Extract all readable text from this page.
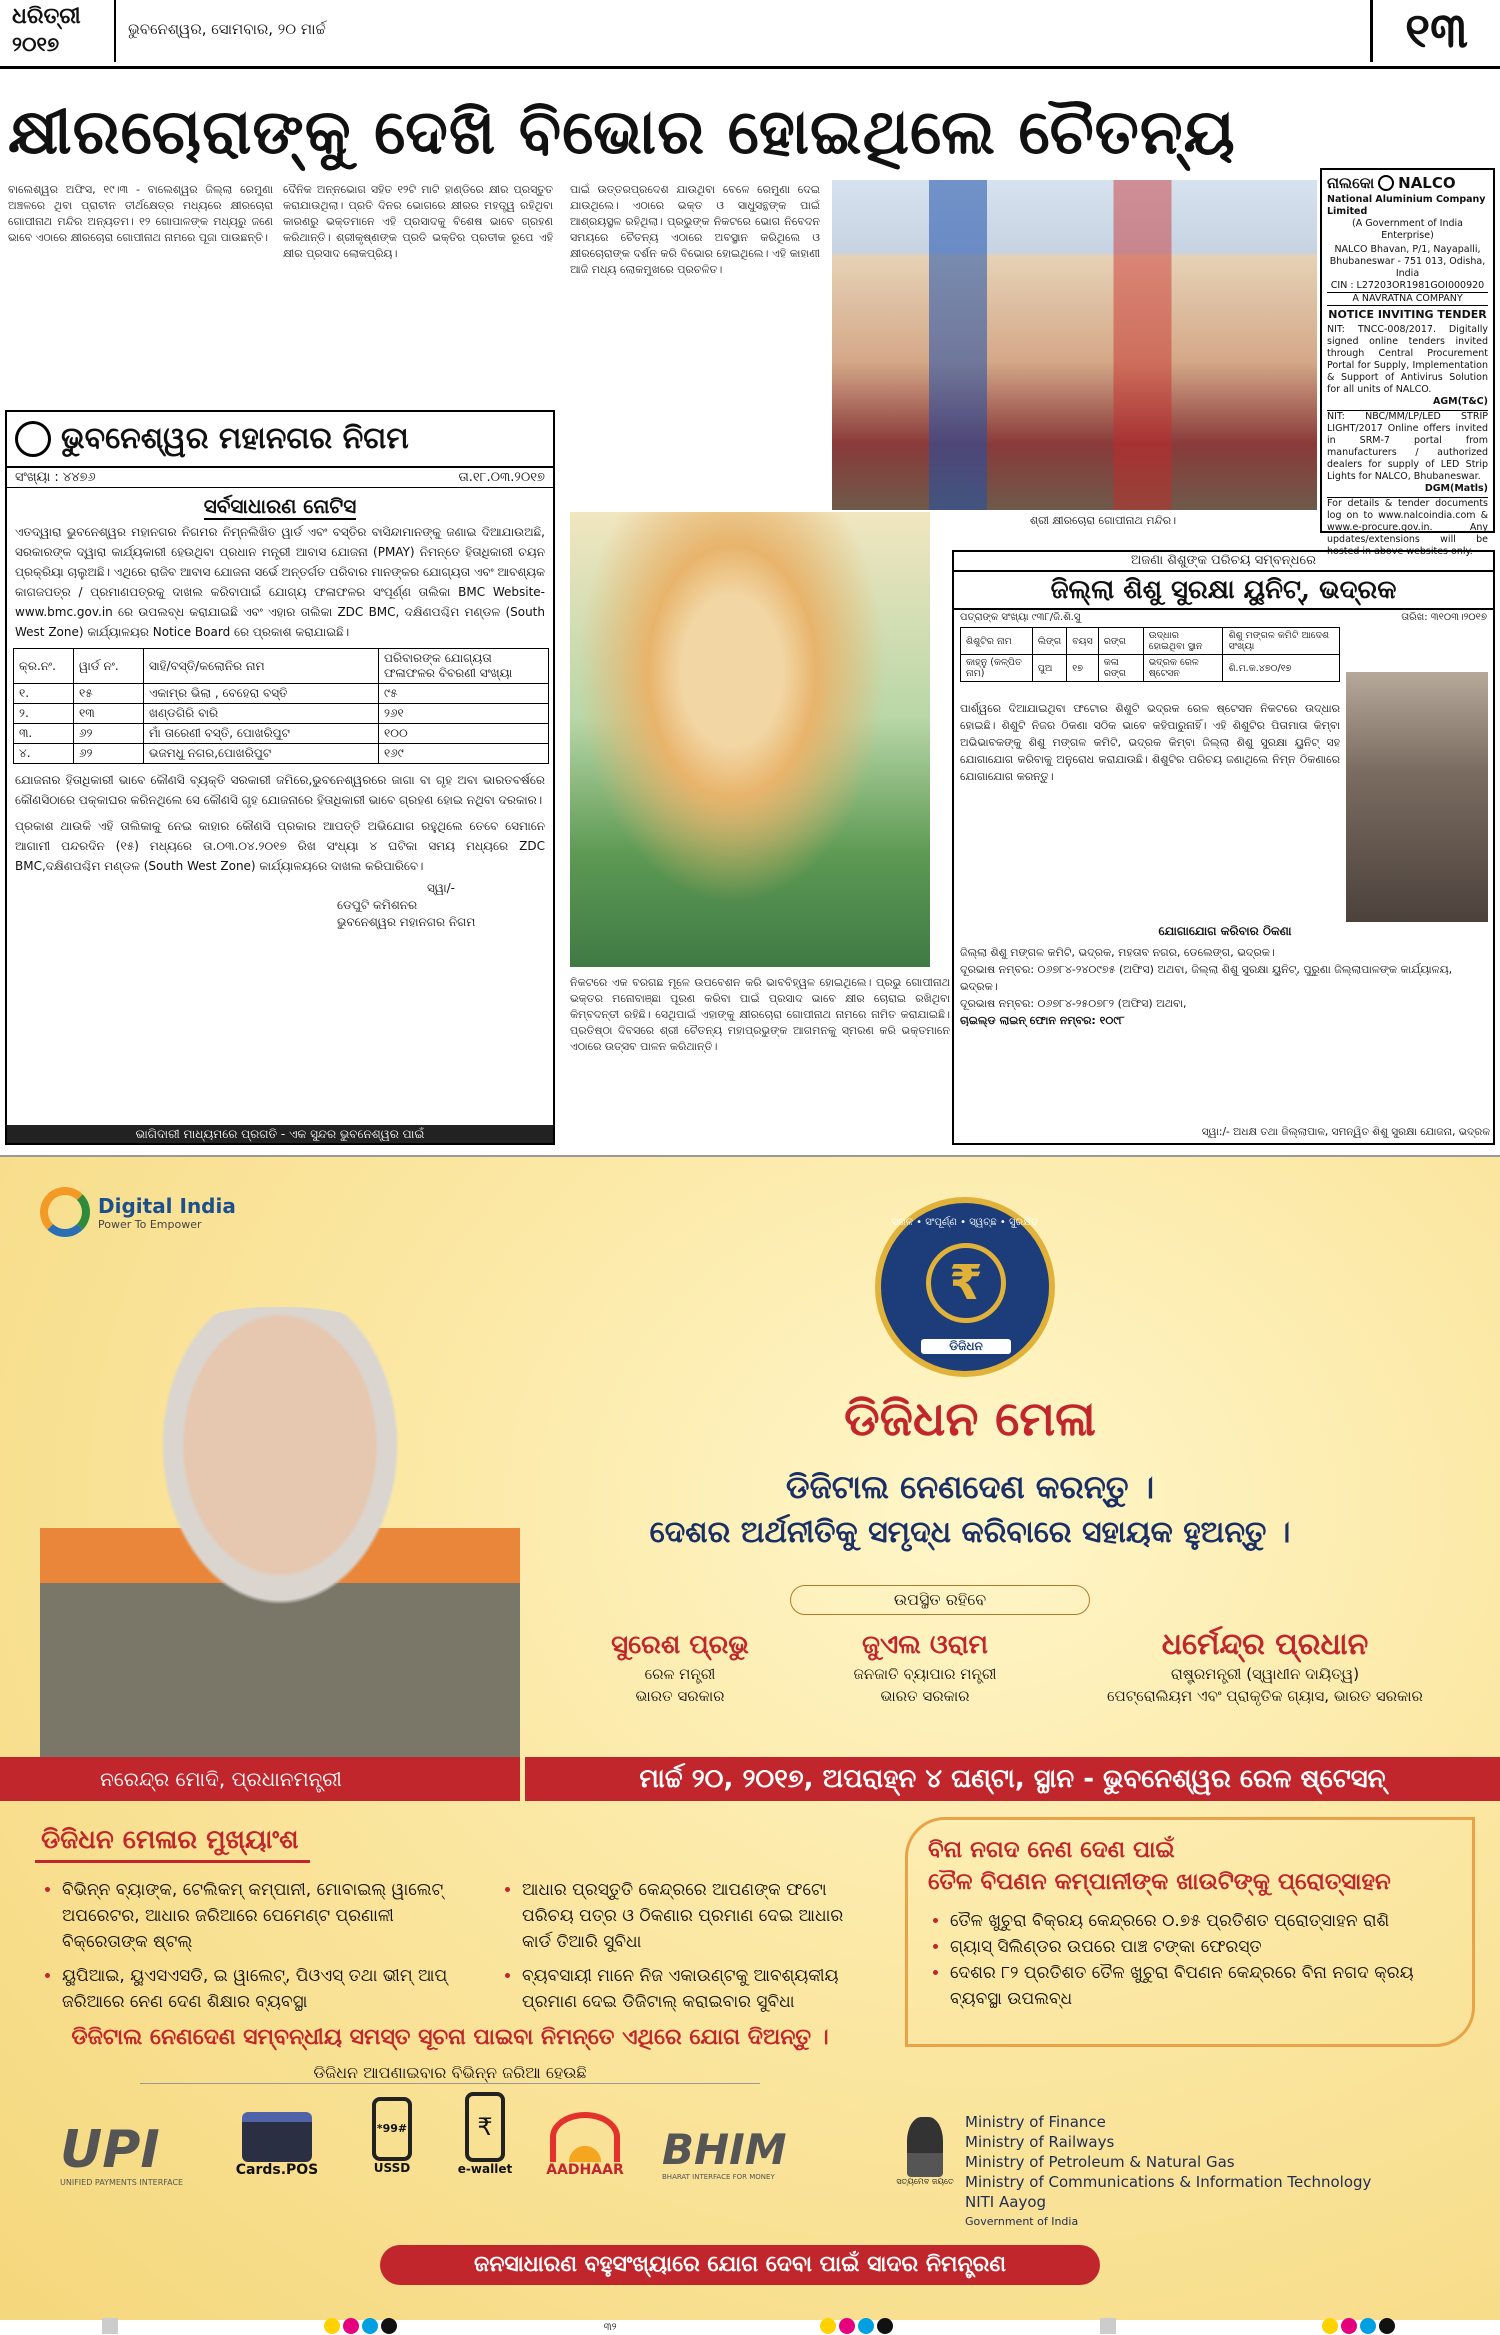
ଧରିତ୍ରୀ
୨୦୧୭
ଭୁବନେଶ୍ୱର, ସୋମବାର, ୨୦ ମାର୍ଚ୍ଚ	୧୩
କ୍ଷୀରଚୋରାଙ୍କୁ ଦେଖି ବିଭୋର ହୋଇଥିଲେ ଚୈତନ୍ୟ
ବାଲେଶ୍ୱର ଅଫିସ, ୧୯।୩ - ବାଲେଶ୍ୱର ଜିଲ୍ଲା ରେମୁଣା ଅଞ୍ଚଳରେ ଥିବା ପ୍ରାଚୀନ ତୀର୍ଥକ୍ଷେତ୍ର ମଧ୍ୟରେ କ୍ଷୀରଚୋରା ଗୋପୀନାଥ ମନ୍ଦିର ଅନ୍ୟତମ। ୧୨ ଗୋପାଳଙ୍କ ମଧ୍ୟରୁ ଜଣେ ଭାବେ ଏଠାରେ କ୍ଷୀରଚୋରା ଗୋପୀନାଥ ନାମରେ ପୂଜା ପାଉଛନ୍ତି।
ଦୈନିକ ଅନ୍ନଭୋଗ ସହିତ ୧୨ଟି ମାଟି ହାଣ୍ଡିରେ କ୍ଷୀର ପ୍ରସ୍ତୁତ କରାଯାଉଥିଲା। ପ୍ରତି ଦିନର ଭୋଗରେ କ୍ଷୀରର ମହତ୍ତ୍ୱ ରହିଥିବା କାରଣରୁ ଭକ୍ତମାନେ ଏହି ପ୍ରସାଦକୁ ବିଶେଷ ଭାବେ ଗ୍ରହଣ କରିଥାନ୍ତି। ଶ୍ରୀକୃଷ୍ଣଙ୍କ ପ୍ରତି ଭକ୍ତିର ପ୍ରତୀକ ରୂପେ ଏହି କ୍ଷୀର ପ୍ରସାଦ ଲୋକପ୍ରିୟ।
ପାଇଁ ଉତ୍ତରପ୍ରଦେଶ ଯାଉଥିବା ବେଳେ ରେମୁଣା ଦେଇ ଯାଉଥିଲେ। ଏଠାରେ ଭକ୍ତ ଓ ସାଧୁସନ୍ଥଙ୍କ ପାଇଁ ଆଶ୍ରୟସ୍ଥଳ ରହିଥିଲା। ପ୍ରଭୁଙ୍କ ନିକଟରେ ଭୋଗ ନିବେଦନ ସମୟରେ ଚୈତନ୍ୟ ଏଠାରେ ଅବସ୍ଥାନ କରିଥିଲେ ଓ କ୍ଷୀରଚୋରାଙ୍କ ଦର୍ଶନ କରି ବିଭୋର ହୋଇଥିଲେ। ଏହି କାହାଣୀ ଆଜି ମଧ୍ୟ ଲୋକମୁଖରେ ପ୍ରଚଳିତ।
ନିକଟରେ ଏକ ବରଗଛ ମୂଳେ ଉପବେଶନ କରି ଭାବବିହ୍ୱଳ ହୋଇଥିଲେ। ପ୍ରଭୁ ଗୋପୀନାଥ ଭକ୍ତର ମନୋବାଞ୍ଛା ପୂରଣ କରିବା ପାଇଁ ପ୍ରସାଦ ଭାବେ କ୍ଷୀର ଚୋରାଇ ରଖିଥିବା କିମ୍ବଦନ୍ତୀ ରହିଛି। ସେଥିପାଇଁ ଏହାଙ୍କୁ କ୍ଷୀରଚୋରା ଗୋପୀନାଥ ନାମରେ ନାମିତ କରାଯାଇଛି। ପ୍ରତିଷ୍ଠା ଦିବସରେ ଶ୍ରୀ ଚୈତନ୍ୟ ମହାପ୍ରଭୁଙ୍କ ଆଗମନକୁ ସ୍ମରଣ କରି ଭକ୍ତମାନେ ଏଠାରେ ଉତ୍ସବ ପାଳନ କରିଥାନ୍ତି।
ଶ୍ରୀ କ୍ଷୀରଚୋରା ଗୋପୀନାଥ ମନ୍ଦିର।
ନାଲକୋ NALCO
National Aluminium Company Limited
(A Government of India Enterprise)
NALCO Bhavan, P/1, Nayapalli,
Bhubaneswar - 751 013, Odisha, India
CIN : L27203OR1981GOI000920
A NAVRATNA COMPANY
NOTICE INVITING TENDER
NIT: TNCC-008/2017. Digitally signed online tenders invited through Central Procurement Portal for Supply, Implementation & Support of Antivirus Solution for all units of NALCO.
AGM(T&C)
NIT: NBC/MM/LP/LED STRIP LIGHT/2017 Online offers invited in SRM-7 portal from manufacturers / authorized dealers for supply of LED Strip Lights for NALCO, Bhubaneswar.
DGM(Matls)
For details & tender documents log on to www.nalcoindia.com & www.e-procure.gov.in. Any updates/extensions will be hosted in above websites only.
ଭୁବନେଶ୍ୱର ମହାନଗର ନିଗମ
ସଂଖ୍ୟା : ୪୪୭୬	ତା.୧୮.୦୩.୨୦୧୭
ସର୍ବସାଧାରଣ ନୋଟିସ
ଏତଦ୍ୱାରା ଭୁବନେଶ୍ୱର ମହାନଗର ନିଗମର ନିମ୍ନଲିଖିତ ୱାର୍ଡ ଏବଂ ବସ୍ତିର ବାସିନ୍ଦାମାନଙ୍କୁ ଜଣାଇ ଦିଆଯାଉଅଛି, ସରକାରଙ୍କ ଦ୍ୱାରା କାର୍ଯ୍ୟକାରୀ ହେଉଥିବା ପ୍ରଧାନ ମନ୍ତ୍ରୀ ଆବାସ ଯୋଜନା (PMAY) ନିମନ୍ତେ ହିତାଧିକାରୀ ଚୟନ ପ୍ରକ୍ରିୟା ଚାଲୁଅଛି। ଏଥିରେ ରାଜିବ ଆବାସ ଯୋଜନା ସର୍ଭେ ଅନ୍ତର୍ଗତ ପରିବାର ମାନଙ୍କର ଯୋଗ୍ୟତା ଏବଂ ଆବଶ୍ୟକ କାଗଜପତ୍ର / ପ୍ରମାଣପତ୍ରକୁ ଦାଖଲ କରିବାପାଇଁ ଯୋଗ୍ୟ ଫଳାଫଳର ସଂପୂର୍ଣ୍ଣ ତାଲିକା BMC Website-www.bmc.gov.in ରେ ଉପଲବ୍ଧ କରାଯାଇଛି ଏବଂ ଏହାର ତାଲିକା ZDC BMC, ଦକ୍ଷିଣପଶ୍ଚିମ ମଣ୍ଡଳ (South West Zone) କାର୍ଯ୍ୟାଳୟର Notice Board ରେ ପ୍ରକାଶ କରାଯାଇଛି।
କ୍ର.ନଂ.	ୱାର୍ଡ ନଂ.	ସାହି/ବସ୍ତି/କଲୋନିର ନାମ	ପରିବାରଙ୍କ ଯୋଗ୍ୟତା ଫଳାଫଳର ବିବରଣୀ ସଂଖ୍ୟା
୧.	୧୫	ଏକାମ୍ର ଭିଲା , ବେହେରା ବସ୍ତି	୯୫
୨.	୧୩	ଖଣ୍ଡଗିରି ବାରି	୨୬୧
୩.	୬୨	ମାଁ ତାରେଣୀ ବସ୍ତି, ପୋଖରିପୁଟ	୧୦୦
୪.	୬୨	ଭଜମଧୁ ନଗର,ପୋଖରିପୁଟ	୧୬୯
ଯୋଜନାର ହିତାଧିକାରୀ ଭାବେ କୌଣସି ବ୍ୟକ୍ତି ସରକାରୀ ଜମିରେ,ଭୁବନେଶ୍ୱରରେ ଜାଗା ବା ଗୃହ ଅବା ଭାରତବର୍ଷରେ କୌଣସିଠାରେ ପକ୍କାଘର କରିନଥିଲେ ସେ କୌଣସି ଗୃହ ଯୋଜନାରେ ହିତାଧିକାରୀ ଭାବେ ଗ୍ରହଣ ହୋଇ ନଥିବା ଦରକାର।
ପ୍ରକାଶ ଥାଉକି ଏହି ତାଲିକାକୁ ନେଇ କାହାର କୌଣସି ପ୍ରକାର ଆପତ୍ତି ଅଭିଯୋଗ ରହୁଥିଲେ ତେବେ ସେମାନେ ଆଗାମୀ ପନ୍ଦରଦିନ (୧୫) ମଧ୍ୟରେ ତା.୦୩.୦୪.୨୦୧୭ ରିଖ ସଂଧ୍ୟା ୪ ଘଟିକା ସମୟ ମଧ୍ୟରେ ZDC BMC,ଦକ୍ଷିଣପଶ୍ଚିମ ମଣ୍ଡଳ (South West Zone) କାର୍ଯ୍ୟାଳୟରେ ଦାଖଲ କରିପାରିବେ।
ସ୍ୱା/-
ଡେପୁଟି କମିଶନର
ଭୁବନେଶ୍ୱର ମହାନଗର ନିଗମ
ଭାଗିଦାରୀ ମାଧ୍ୟମରେ ପ୍ରଗତି - ଏକ ସୁନ୍ଦର ଭୁବନେଶ୍ୱର ପାଇଁ
ଅଜଣା ଶିଶୁଙ୍କ ପରିଚୟ ସମ୍ବନ୍ଧରେ
ଜିଲ୍ଲା ଶିଶୁ ସୁରକ୍ଷା ୟୁନିଟ୍, ଭଦ୍ରକ
ପତ୍ରାଙ୍କ ସଂଖ୍ୟା ୯୩୮/ଜି.ଶି.ସୁ	ତାରିଖ: ୩୧୦୩।୨୦୧୭
ଶିଶୁଟିର ନାମ	ଲିଙ୍ଗ	ବୟସ	ରଙ୍ଗ	ଉଦ୍ଧାର ହୋଇଥିବା ସ୍ଥାନ	ଶିଶୁ ମଙ୍ଗଳ କମିଟି ଆଦେଶ ସଂଖ୍ୟା
କାହ୍ନୁ (କଳ୍ପିତ ନାମ)	ପୁଅ	୧୭	କଳା ରଙ୍ଗ	ଭଦ୍ରକ ରେଳ ଷ୍ଟେସନ	ଶି.ମ.କ.୪୭୦/୧୭
ପାର୍ଶ୍ୱରେ ଦିଆଯାଇଥିବା ଫଟୋର ଶିଶୁଟି ଭଦ୍ରକ ରେଳ ଷ୍ଟେସନ ନିକଟରେ ଉଦ୍ଧାର ହୋଇଛି। ଶିଶୁଟି ନିଜର ଠିକଣା ସଠିକ ଭାବେ କହିପାରୁନାହିଁ। ଏହି ଶିଶୁଟିର ପିତାମାତା କିମ୍ବା ଅଭିଭାବକଙ୍କୁ ଶିଶୁ ମଙ୍ଗଳ କମିଟି, ଭଦ୍ରକ କିମ୍ବା ଜିଲ୍ଲା ଶିଶୁ ସୁରକ୍ଷା ୟୁନିଟ୍ ସହ ଯୋଗାଯୋଗ କରିବାକୁ ଅନୁରୋଧ କରାଯାଉଛି। ଶିଶୁଟିର ପରିଚୟ ଜଣାଥିଲେ ନିମ୍ନ ଠିକଣାରେ ଯୋଗାଯୋଗ କରନ୍ତୁ।
ଯୋଗାଯୋଗ କରିବାର ଠିକଣା
ଜିଲ୍ଲା ଶିଶୁ ମଙ୍ଗଳ କମିଟି, ଭଦ୍ରକ, ମହତାବ ନଗର, ଡେଲେଙ୍ଗ, ଭଦ୍ରକ।
ଦୂରଭାଷ ନମ୍ବର: ୦୬୭୮୪-୨୪୦୯୭୫ (ଅଫିସ) ଅଥବା, ଜିଲ୍ଲା ଶିଶୁ ସୁରକ୍ଷା ୟୁନିଟ୍, ପୁରୁଣା ଜିଲ୍ଲାପାଳଙ୍କ କାର୍ଯ୍ୟାଳୟ, ଭଦ୍ରକ।
ଦୂରଭାଷ ନମ୍ବର: ୦୬୭୮୪-୨୫୦୭୮୨ (ଅଫିସ) ଅଥବା,
ଚାଇଲ୍ଡ ଲାଇନ୍ ଫୋନ ନମ୍ବର: ୧୦୯୮
ସ୍ୱା:/- ଅଧକ୍ଷ ତଥା ଜିଲ୍ଲାପାଳ, ସମନ୍ୱିତ ଶିଶୁ ସୁରକ୍ଷା ଯୋଜନା, ଭଦ୍ରକ
Digital India
Power To Empower	ସରଳ • ସଂପୂର୍ଣ୍ଣ • ସ୍ୱଚ୍ଛ • ସୁରକ୍ଷିତ
₹
ଡିଜିଧନ
ଡିଜିଧନ ମେଳା
ଡିଜିଟାଲ ନେଣଦେଣ କରନ୍ତୁ ।
ଦେଶର ଅର୍ଥନୀତିକୁ ସମୃଦ୍ଧ କରିବାରେ ସହାୟକ ହୁଅନ୍ତୁ ।
ଉପସ୍ଥିତ ରହିବେ
ସୁରେଶ ପ୍ରଭୁ
ରେଳ ମନ୍ତ୍ରୀ
ଭାରତ ସରକାର
ଜୁଏଲ ଓରାମ
ଜନଜାତି ବ୍ୟାପାର ମନ୍ତ୍ରୀ
ଭାରତ ସରକାର
ଧର୍ମେନ୍ଦ୍ର ପ୍ରଧାନ
ରାଷ୍ଟ୍ରମନ୍ତ୍ରୀ (ସ୍ୱାଧୀନ ଦାୟିତ୍ୱ)
ପେଟ୍ରୋଲିୟମ ଏବଂ ପ୍ରାକୃତିକ ଗ୍ୟାସ, ଭାରତ ସରକାର
ନରେନ୍ଦ୍ର ମୋଦି, ପ୍ରଧାନମନ୍ତ୍ରୀ	ମାର୍ଚ୍ଚ ୨୦, ୨୦୧୭, ଅପରାହ୍ନ ୪ ଘଣ୍ଟା, ସ୍ଥାନ - ଭୁବନେଶ୍ୱର ରେଳ ଷ୍ଟେସନ୍
ଡିଜିଧନ ମେଳାର ମୁଖ୍ୟାଂଶ
• ବିଭିନ୍ନ ବ୍ୟାଙ୍କ, ଟେଲିକମ୍ କମ୍ପାନୀ, ମୋବାଇଲ୍ ୱାଲେଟ୍ ଅପରେଟର, ଆଧାର ଜରିଆରେ ପେମେଣ୍ଟ ପ୍ରଣାଳୀ ବିକ୍ରେତାଙ୍କ ଷ୍ଟଲ୍
• ୟୁପିଆଇ, ୟୁଏସଏସଡି, ଇ ୱାଲେଟ୍, ପିଓଏସ୍ ତଥା ଭୀମ୍ ଆପ୍ ଜରିଆରେ ନେଣ ଦେଣ ଶିକ୍ଷାର ବ୍ୟବସ୍ଥା
• ଆଧାର ପ୍ରସ୍ତୁତି କେନ୍ଦ୍ରରେ ଆପଣଙ୍କ ଫଟୋ ପରିଚୟ ପତ୍ର ଓ ଠିକଣାର ପ୍ରମାଣ ଦେଇ ଆଧାର କାର୍ଡ ତିଆରି ସୁବିଧା
• ବ୍ୟବସାୟୀ ମାନେ ନିଜ ଏକାଉଣ୍ଟକୁ ଆବଶ୍ୟକୀୟ ପ୍ରମାଣ ଦେଇ ଡିଜିଟାଲ୍ କରାଇବାର ସୁବିଧା
ବିନା ନଗଦ ନେଣ ଦେଣ ପାଇଁ
ତୈଳ ବିପଣନ କମ୍ପାନୀଙ୍କ ଖାଉଟିଙ୍କୁ ପ୍ରୋତ୍ସାହନ
• ତୈଳ ଖୁଚୁରା ବିକ୍ରୟ କେନ୍ଦ୍ରରେ ୦.୭୫ ପ୍ରତିଶତ ପ୍ରୋତ୍ସାହନ ରାଶି
• ଗ୍ୟାସ୍ ସିଲିଣ୍ଡର ଉପରେ ପାଞ୍ଚ ଟଙ୍କା ଫେରସ୍ତ
• ଦେଶର ୮୨ ପ୍ରତିଶତ ତୈଳ ଖୁଚୁରା ବିପଣନ କେନ୍ଦ୍ରରେ ବିନା ନଗଦ କ୍ରୟ ବ୍ୟବସ୍ଥା ଉପଲବ୍ଧ
ଡିଜିଟାଲ ନେଣଦେଣ ସମ୍ବନ୍ଧୀୟ ସମସ୍ତ ସୂଚନା ପାଇବା ନିମନ୍ତେ ଏଥିରେ ଯୋଗ ଦିଅନ୍ତୁ ।
ଡିଜିଧନ ଆପଣାଇବାର ବିଭିନ୍ନ ଜରିଆ ହେଉଛି
UPI
UNIFIED PAYMENTS INTERFACE
Cards.POS
*99#
USSD
₹
e-wallet	AADHAAR BHIM
BHARAT INTERFACE FOR MONEY	ସତ୍ୟମେବ ଜୟତେ
Ministry of Finance
Ministry of Railways
Ministry of Petroleum & Natural Gas
Ministry of Communications & Information Technology
NITI Aayog
Government of India
ଜନସାଧାରଣ ବହୁସଂଖ୍ୟାରେ ଯୋଗ ଦେବା ପାଇଁ ସାଦର ନିମନ୍ତ୍ରଣ
୩୨
